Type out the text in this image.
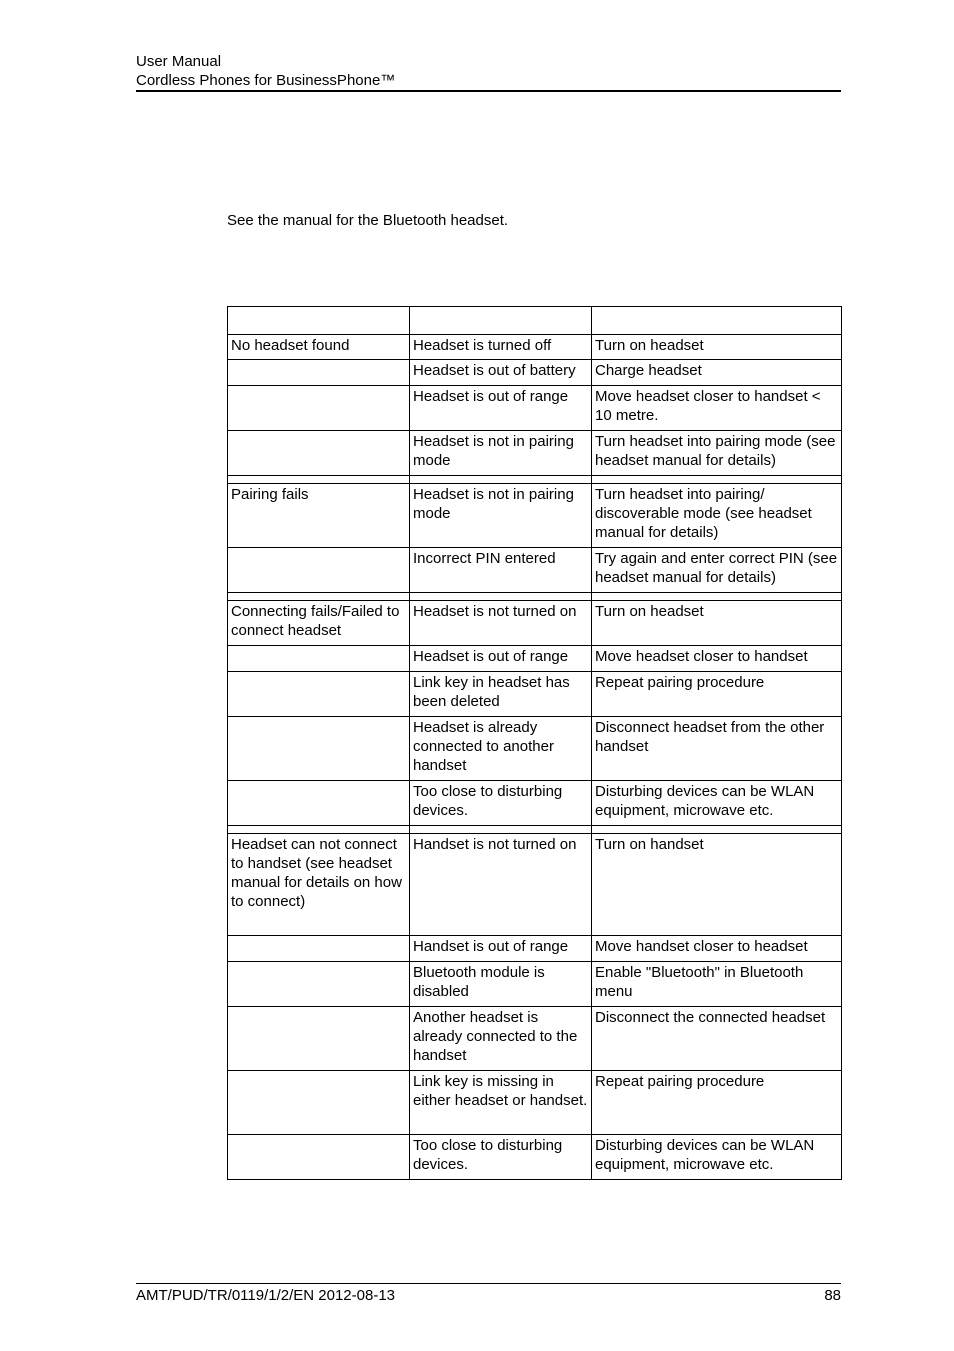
User Manual
Cordless Phones for BusinessPhone™
See the manual for the Bluetooth headset.

No headset found	Headset is turned off	Turn on headset
	Headset is out of battery	Charge headset
	Headset is out of range	Move headset closer to handset < 10 metre.
	Headset is not in pairing mode	Turn headset into pairing mode (see headset manual for details)

Pairing fails	Headset is not in pairing mode	Turn headset into pairing/ discoverable mode (see headset manual for details)
	Incorrect PIN entered	Try again and enter correct PIN (see headset manual for details)

Connecting fails/Failed to connect headset	Headset is not turned on	Turn on headset
	Headset is out of range	Move headset closer to handset
	Link key in headset has been deleted	Repeat pairing procedure
	Headset is already connected to another handset	Disconnect headset from the other handset
	Too close to disturbing devices.	Disturbing devices can be WLAN equipment, microwave etc.

Headset can not connect to handset (see headset manual for details on how to connect)	Handset is not turned on	Turn on handset
	Handset is out of range	Move handset closer to headset
	Bluetooth module is disabled	Enable "Bluetooth" in Bluetooth menu
	Another headset is already connected to the handset	Disconnect the connected headset
	Link key is missing in either headset or handset.	Repeat pairing procedure
	Too close to disturbing devices.	Disturbing devices can be WLAN equipment, microwave etc.
AMT/PUD/TR/0119/1/2/EN 2012-08-13	88
